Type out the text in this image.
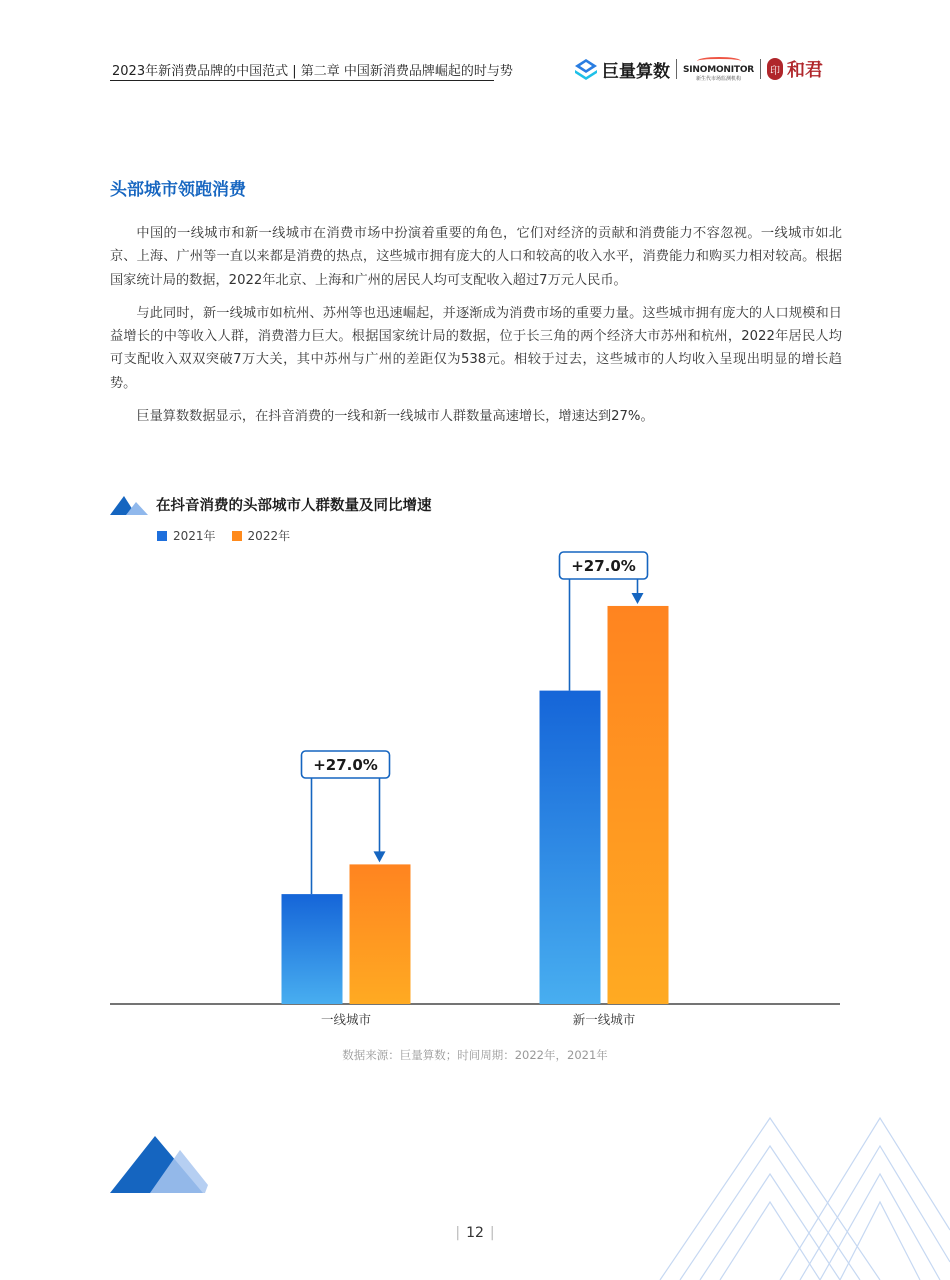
2023年新消费品牌的中国范式 | 第二章 中国新消费品牌崛起的时与势	巨量算数 SINOMONITOR
新生代市场监测机构
印 和君
头部城市领跑消费

中国的一线城市和新一线城市在消费市场中扮演着重要的角色，它们对经济的贡献和消费能力不容忽视。一线城市如北京、上海、广州等一直以来都是消费的热点，这些城市拥有庞大的人口和较高的收入水平，消费能力和购买力相对较高。根据国家统计局的数据，2022年北京、上海和广州的居民人均可支配收入超过7万元人民币。

与此同时，新一线城市如杭州、苏州等也迅速崛起，并逐渐成为消费市场的重要力量。这些城市拥有庞大的人口规模和日益增长的中等收入人群，消费潜力巨大。根据国家统计局的数据，位于长三角的两个经济大市苏州和杭州，2022年居民人均可支配收入双双突破7万大关，其中苏州与广州的差距仅为538元。相较于过去，这些城市的人均收入呈现出明显的增长趋势。

巨量算数数据显示，在抖音消费的一线和新一线城市人群数量高速增长，增速达到27%。

在抖音消费的头部城市人群数量及同比增速
2021年	2022年
一线城市
+27.0%
新一线城市
+27.0%
数据来源：巨量算数；时间周期：2022年，2021年
| 12 |
